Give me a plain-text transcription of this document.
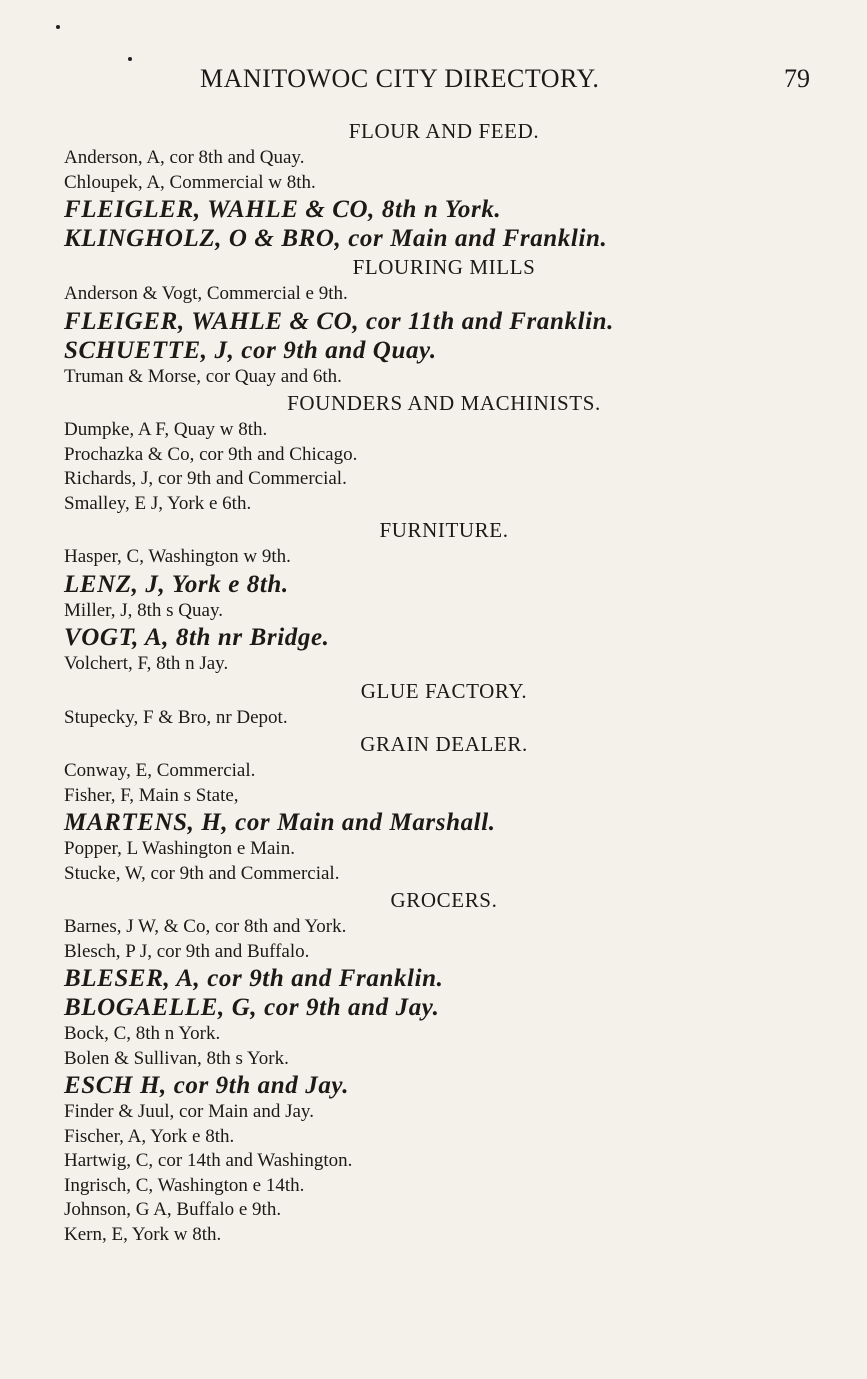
MANITOWOC CITY DIRECTORY.	79
FLOUR AND FEED.
Anderson, A, cor 8th and Quay.
Chloupek, A, Commercial w 8th.
FLEIGLER, WAHLE & CO, 8th n York.
KLINGHOLZ, O & BRO, cor Main and Franklin.
FLOURING MILLS
Anderson & Vogt, Commercial e 9th.
FLEIGER, WAHLE & CO, cor 11th and Franklin.
SCHUETTE, J, cor 9th and Quay.
Truman & Morse, cor Quay and 6th.
FOUNDERS AND MACHINISTS.
Dumpke, A F, Quay w 8th.
Prochazka & Co, cor 9th and Chicago.
Richards, J, cor 9th and Commercial.
Smalley, E J, York e 6th.
FURNITURE.
Hasper, C, Washington w 9th.
LENZ, J, York e 8th.
Miller, J, 8th s Quay.
VOGT, A, 8th nr Bridge.
Volchert, F, 8th n Jay.
GLUE FACTORY.
Stupecky, F & Bro, nr Depot.
GRAIN DEALER.
Conway, E, Commercial.
Fisher, F, Main s State,
MARTENS, H, cor Main and Marshall.
Popper, L Washington e Main.
Stucke, W, cor 9th and Commercial.
GROCERS.
Barnes, J W, & Co, cor 8th and York.
Blesch, P J, cor 9th and Buffalo.
BLESER, A, cor 9th and Franklin.
BLOGAELLE, G, cor 9th and Jay.
Bock, C, 8th n York.
Bolen & Sullivan, 8th s York.
ESCH H, cor 9th and Jay.
Finder & Juul, cor Main and Jay.
Fischer, A, York e 8th.
Hartwig, C, cor 14th and Washington.
Ingrisch, C, Washington e 14th.
Johnson, G A, Buffalo e 9th.
Kern, E, York w 8th.
